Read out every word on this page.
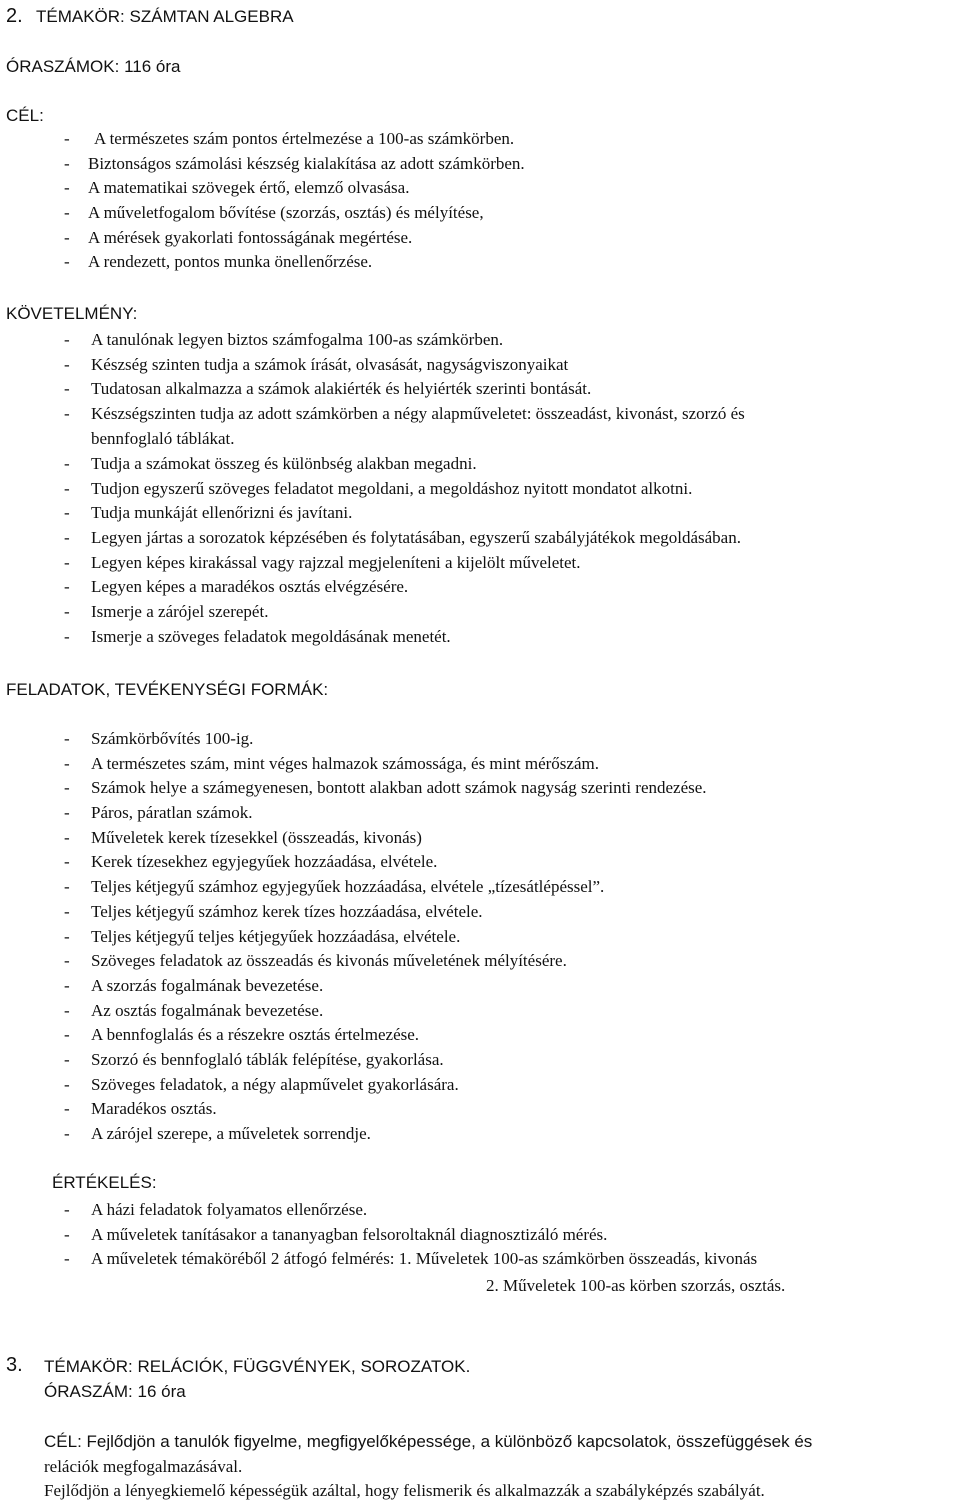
2. TÉMAKÖR: SZÁMTAN ALGEBRA
ÓRASZÁMOK: 116 óra
CÉL:
- A természetes szám pontos értelmezése a 100-as számkörben.
- Biztonságos számolási készség kialakítása az adott számkörben.
- A matematikai szövegek értő, elemző olvasása.
- A műveletfogalom bővítése (szorzás, osztás) és mélyítése,
- A mérések gyakorlati fontosságának megértése.
- A rendezett, pontos munka önellenőrzése.
KÖVETELMÉNY:
- A tanulónak legyen biztos számfogalma 100-as számkörben.
- Készség szinten tudja a számok írását, olvasását, nagyságviszonyaikat
- Tudatosan alkalmazza a számok alakiérték és helyiérték szerinti bontását.
- Készségszinten tudja az adott számkörben a négy alapműveletet: összeadást, kivonást, szorzó és
bennfoglaló táblákat.
- Tudja a számokat összeg és különbség alakban megadni.
- Tudjon egyszerű szöveges feladatot megoldani, a megoldáshoz nyitott mondatot alkotni.
- Tudja munkáját ellenőrizni és javítani.
- Legyen jártas a sorozatok képzésében és folytatásában, egyszerű szabályjátékok megoldásában.
- Legyen képes kirakással vagy rajzzal megjeleníteni a kijelölt műveletet.
- Legyen képes a maradékos osztás elvégzésére.
- Ismerje a zárójel szerepét.
- Ismerje a szöveges feladatok megoldásának menetét.
FELADATOK, TEVÉKENYSÉGI FORMÁK:
- Számkörbővítés 100-ig.
- A természetes szám, mint véges halmazok számossága, és mint mérőszám.
- Számok helye a számegyenesen, bontott alakban adott számok nagyság szerinti rendezése.
- Páros, páratlan számok.
- Műveletek kerek tízesekkel (összeadás, kivonás)
- Kerek tízesekhez egyjegyűek hozzáadása, elvétele.
- Teljes kétjegyű számhoz egyjegyűek hozzáadása, elvétele „tízesátlépéssel”.
- Teljes kétjegyű számhoz kerek tízes hozzáadása, elvétele.
- Teljes kétjegyű teljes kétjegyűek hozzáadása, elvétele.
- Szöveges feladatok az összeadás és kivonás műveletének mélyítésére.
- A szorzás fogalmának bevezetése.
- Az osztás fogalmának bevezetése.
- A bennfoglalás és a részekre osztás értelmezése.
- Szorzó és bennfoglaló táblák felépítése, gyakorlása.
- Szöveges feladatok, a négy alapművelet gyakorlására.
- Maradékos osztás.
- A zárójel szerepe, a műveletek sorrendje.
ÉRTÉKELÉS:
- A házi feladatok folyamatos ellenőrzése.
- A műveletek tanításakor a tananyagban felsoroltaknál diagnosztizáló mérés.
- A műveletek témaköréből 2 átfogó felmérés: 1. Műveletek 100-as számkörben összeadás, kivonás
2. Műveletek 100-as körben szorzás, osztás.
3. TÉMAKÖR: RELÁCIÓK, FÜGGVÉNYEK, SOROZATOK.
ÓRASZÁM: 16 óra
CÉL: Fejlődjön a tanulók figyelme, megfigyelőképessége, a különböző kapcsolatok, összefüggések és
relációk megfogalmazásával.
Fejlődjön a lényegkiemelő képességük azáltal, hogy felismerik és alkalmazzák a szabályképzés szabályát.
